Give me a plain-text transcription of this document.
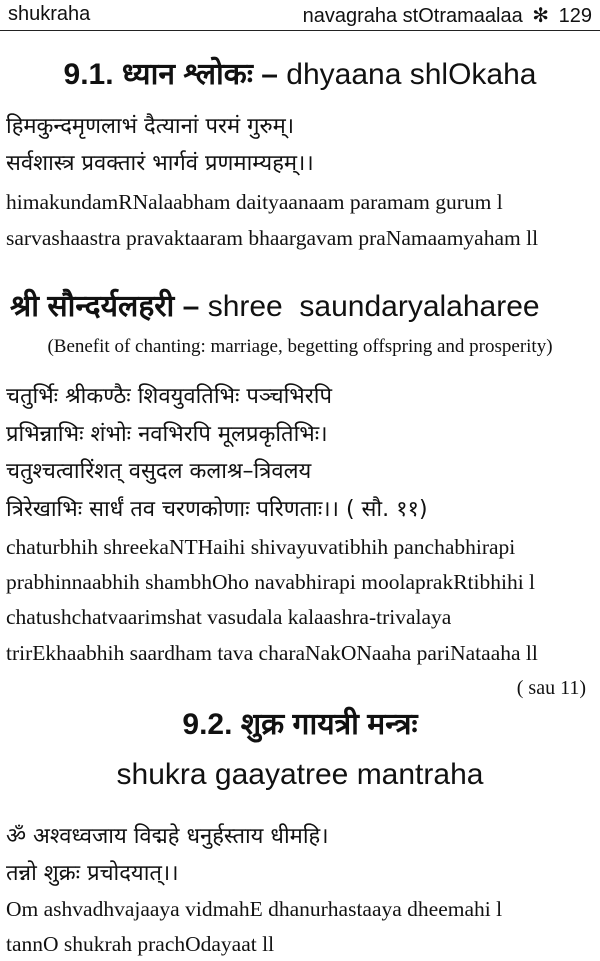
shukraha	navagraha stOtramaalaa ✻ 129
9.1. ध्यान श्लोकः – dhyaana shlOkaha
हिमकुन्दमृणलाभं दैत्यानां परमं गुरुम्।
सर्वशास्त्र प्रवक्तारं भार्गवं प्रणमाम्यहम्।।
himakundamRNalaabham daityaanaam paramam gurum l
sarvashaastra pravaktaaram bhaargavam praNamaamyaham ll
श्री सौन्दर्यलहरी – shree  saundaryalaharee
(Benefit of chanting: marriage, begetting offspring and prosperity)
चतुर्भिः श्रीकण्ठैः शिवयुवतिभिः पञ्चभिरपि
प्रभिन्नाभिः शंभोः नवभिरपि मूलप्रकृतिभिः।
चतुश्चत्वारिंशत् वसुदल कलाश्र–त्रिवलय
त्रिरेखाभिः सार्धं तव चरणकोणाः परिणताः।। ( सौ. ११)
chaturbhih shreekaNTHaihi shivayuvatibhih panchabhirapi
prabhinnaabhih shambhOho navabhirapi moolaprakRtibhihi l
chatushchatvaarimshat vasudala kalaashra-trivalaya
trirEkhaabhih saardham tava charaNakONaaha pariNataaha ll
( sau 11)
9.2. शुक्र गायत्री मन्त्रः
shukra gaayatree mantraha
ॐ अश्वध्वजाय विद्महे धनुर्हस्ताय धीमहि।
तन्नो शुक्रः प्रचोदयात्।।
Om ashvadhvajaaya vidmahE dhanurhastaaya dheemahi l
tannO shukrah prachOdayaat ll
